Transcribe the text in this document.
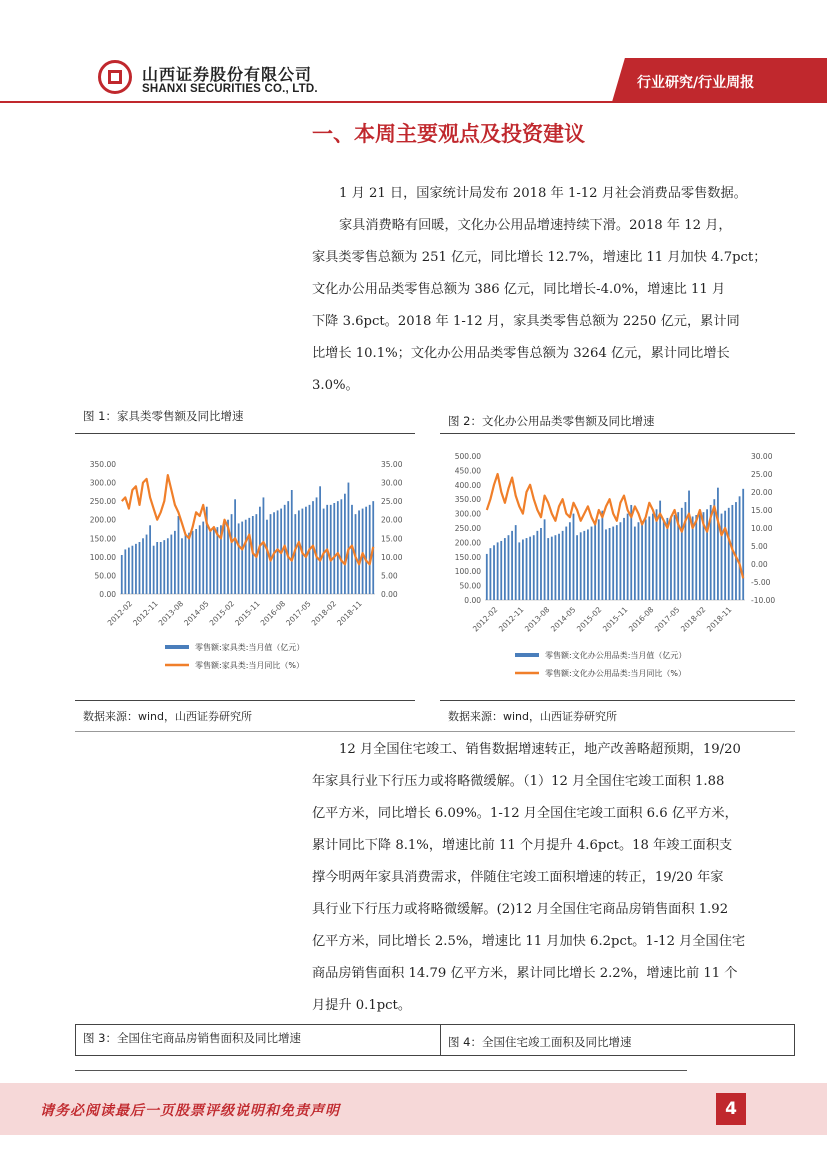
山西证券股份有限公司
SHANXI SECURITIES CO., LTD.	行业研究/行业周报
一、本周主要观点及投资建议
1 月 21 日，国家统计局发布 2018 年 1-12 月社会消费品零售数据。
家具消费略有回暖，文化办公用品增速持续下滑。2018 年 12 月，
家具类零售总额为 251 亿元，同比增长 12.7%，增速比 11 月加快 4.7pct；
文化办公用品类零售总额为 386 亿元，同比增长-4.0%，增速比 11 月
下降 3.6pct。2018 年 1-12 月，家具类零售总额为 2250 亿元，累计同
比增长 10.1%；文化办公用品类零售总额为 3264 亿元，累计同比增长
3.0%。
图 1：家具类零售额及同比增速	图 2：文化办公用品类零售额及同比增速
0.00
50.00
100.00
150.00
200.00
250.00
300.00
350.00
0.00
5.00
10.00
15.00
20.00
25.00
30.00
35.00
2012-02
2012-11
2013-08
2014-05
2015-02
2015-11
2016-08
2017-05
2018-02
2018-11
零售额:家具类:当月值（亿元）
零售额:家具类:当月同比（%）
0.00
50.00
100.00
150.00
200.00
250.00
300.00
350.00
400.00
450.00
500.00
-10.00
-5.00
0.00
5.00
10.00
15.00
20.00
25.00
30.00
2012-02
2012-11
2013-08
2014-05
2015-02
2015-11
2016-08
2017-05
2018-02
2018-11
零售额:文化办公用品类:当月值（亿元）
零售额:文化办公用品类:当月同比（%）
数据来源：wind，山西证券研究所	数据来源：wind，山西证券研究所
12 月全国住宅竣工、销售数据增速转正，地产改善略超预期，19/20
年家具行业下行压力或将略微缓解。（1）12 月全国住宅竣工面积 1.88
亿平方米，同比增长 6.09%。1-12 月全国住宅竣工面积 6.6 亿平方米，
累计同比下降 8.1%，增速比前 11 个月提升 4.6pct。18 年竣工面积支
撑今明两年家具消费需求，伴随住宅竣工面积增速的转正，19/20 年家
具行业下行压力或将略微缓解。(2)12 月全国住宅商品房销售面积 1.92
亿平方米，同比增长 2.5%，增速比 11 月加快 6.2pct。1-12 月全国住宅
商品房销售面积 14.79 亿平方米，累计同比增长 2.2%，增速比前 11 个
月提升 0.1pct。
图 3：全国住宅商品房销售面积及同比增速	图 4：全国住宅竣工面积及同比增速
请务必阅读最后一页股票评级说明和免责声明	4
